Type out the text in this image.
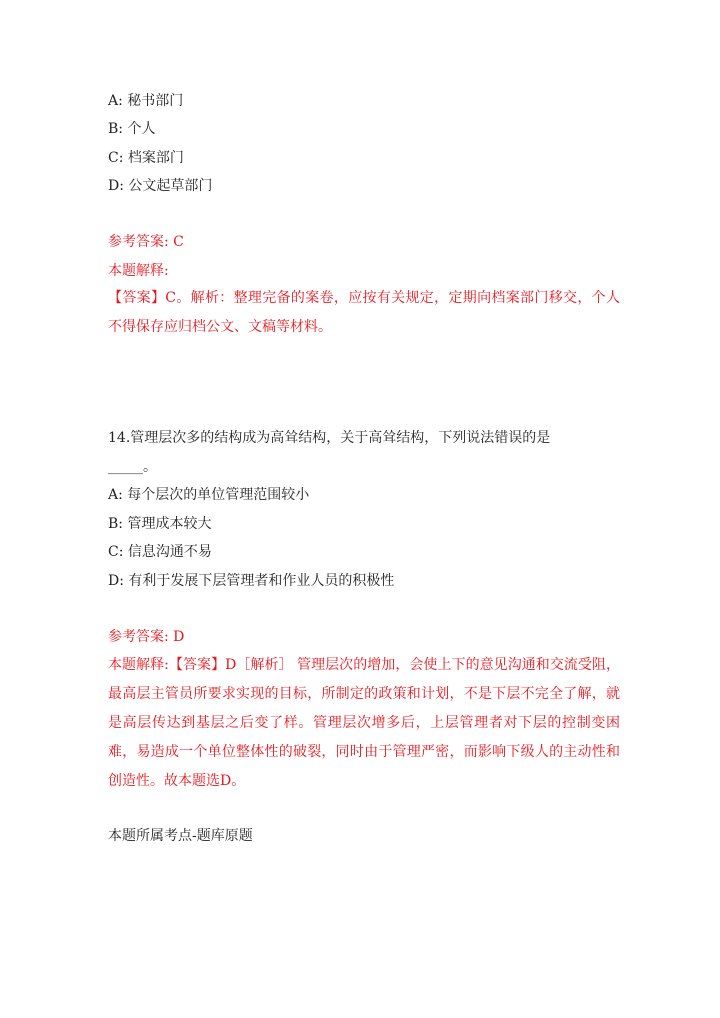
A: 秘书部门
B: 个人
C: 档案部门
D: 公文起草部门
参考答案: C
本题解释:
【答案】C。解析：整理完备的案卷，应按有关规定，定期向档案部门移交，个人不得保存应归档公文、文稿等材料。
14.管理层次多的结构成为高耸结构，关于高耸结构，下列说法错误的是
_____。
A: 每个层次的单位管理范围较小
B: 管理成本较大
C: 信息沟通不易
D: 有利于发展下层管理者和作业人员的积极性
参考答案: D
本题解释:【答案】D［解析］ 管理层次的增加，会使上下的意见沟通和交流受阻，最高层主管员所要求实现的目标，所制定的政策和计划，不是下层不完全了解，就是高层传达到基层之后变了样。管理层次增多后，上层管理者对下层的控制变困难，易造成一个单位整体性的破裂，同时由于管理严密，而影响下级人的主动性和创造性。故本题选D。
本题所属考点-题库原题
